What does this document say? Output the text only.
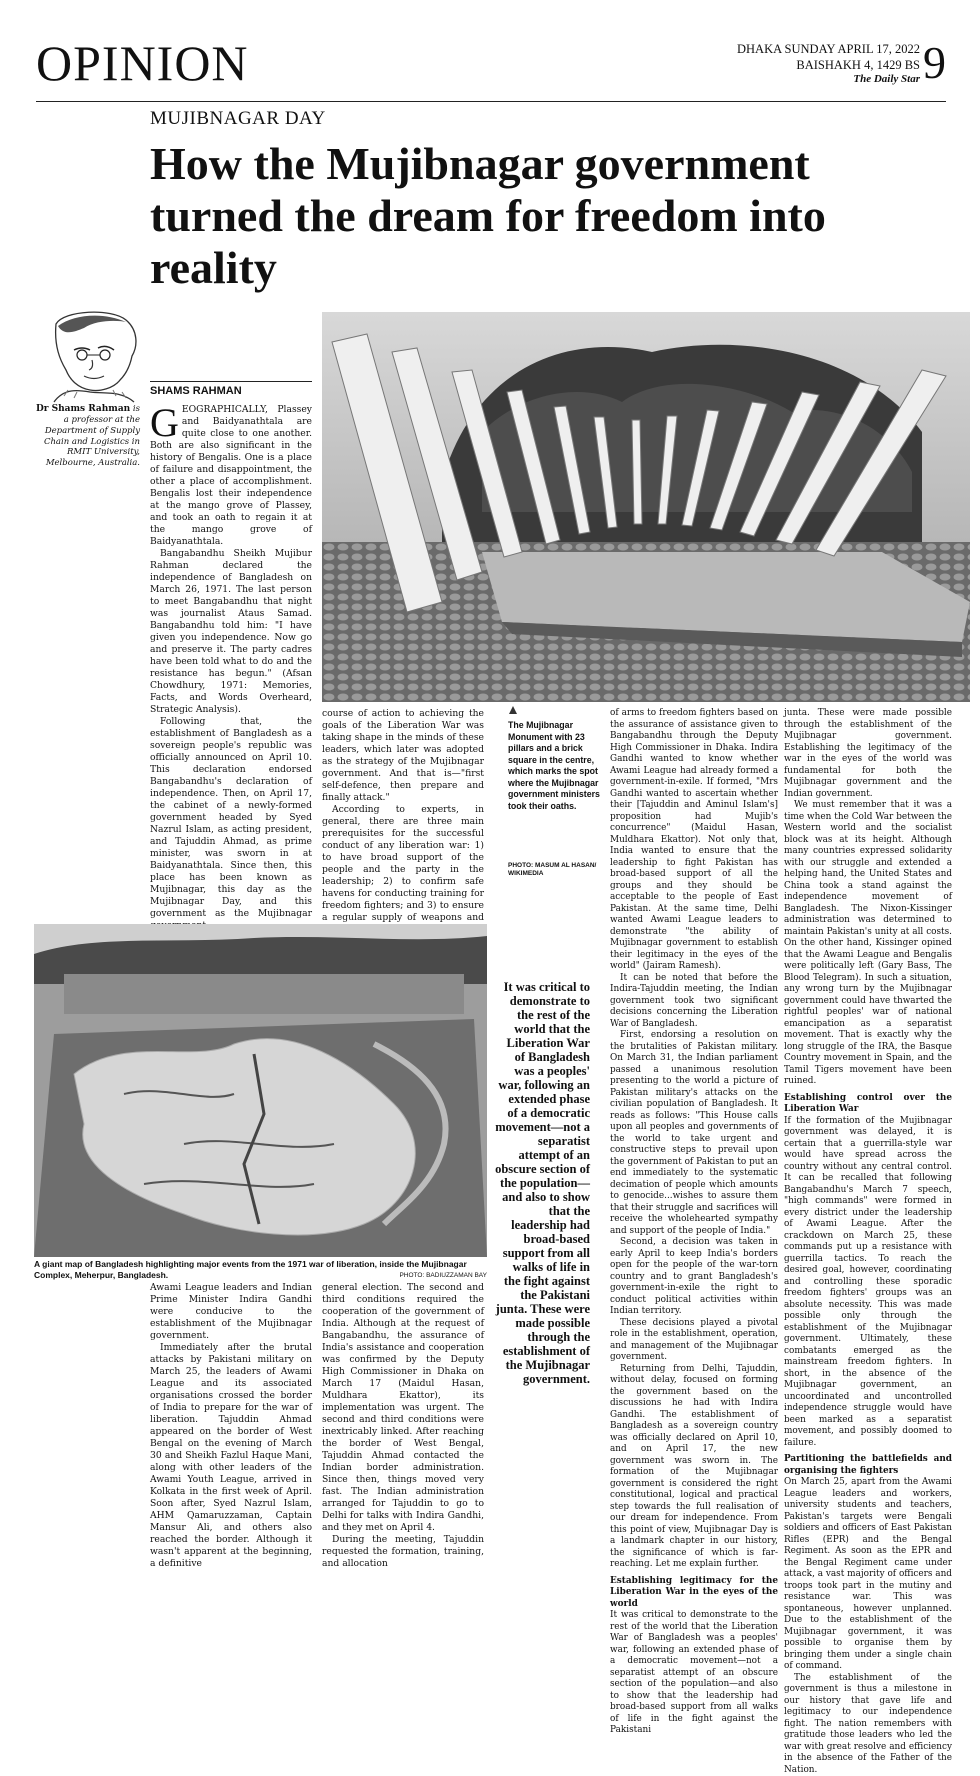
OPINION	DHAKA SUNDAY APRIL 17, 2022
BAISHAKH 4, 1429 BS
The Daily Star 9
MUJIBNAGAR DAY
How the Mujibnagar government turned the dream for freedom into reality
SHAMS RAHMAN
Dr Shams Rahman is a professor at the Department of Supply Chain and Logistics in RMIT University, Melbourne, Australia.

GEOGRAPHICALLY, Plassey and Baidyanathtala are quite close to one another. Both are also significant in the history of Bengalis. One is a place of failure and disappointment, the other a place of accomplishment. Bengalis lost their independence at the mango grove of Plassey, and took an oath to regain it at the mango grove of Baidyanathtala.

Bangabandhu Sheikh Mujibur Rahman declared the independence of Bangladesh on March 26, 1971. The last person to meet Bangabandhu that night was journalist Ataus Samad. Bangabandhu told him: "I have given you independence. Now go and preserve it. The party cadres have been told what to do and the resistance has begun." (Afsan Chowdhury, 1971: Memories, Facts, and Words Overheard, Strategic Analysis).

Following that, the establishment of Bangladesh as a sovereign people's republic was officially announced on April 10. This declaration endorsed Bangabandhu's declaration of independence. Then, on April 17, the cabinet of a newly-formed government headed by Syed Nazrul Islam, as acting president, and Tajuddin Ahmad, as prime minister, was sworn in at Baidyanathtala. Since then, this place has been known as Mujibnagar, this day as the Mujibnagar Day, and this government as the Mujibnagar

The Mujibnagar Monument with 23 pillars and a brick square in the centre, which marks the spot where the Mujibnagar government ministers took their oaths.
PHOTO: MASUM AL HASAN/ WIKIMEDIA

course of action to achieving the goals of the Liberation War was taking shape in the minds of these leaders, which later was adopted as the strategy of the Mujibnagar government. And that is—"first self-defence, then prepare and finally attack."

According to experts, in general, there are three main prerequisites for the successful conduct of any liberation war: 1) to have broad support of the people and the party in the leadership; 2) to confirm safe havens for conducting training for freedom fighters; and 3) to ensure a regular supply of weapons and

A giant map of Bangladesh highlighting major events from the 1971 war of liberation, inside the Mujibnagar Complex, Meherpur, Bangladesh.	PHOTO: BADIUZZAMAN BAY
It was critical to demonstrate to the rest of the world that the Liberation War of Bangladesh was a peoples' war, following an extended phase of a democratic movement—not a separatist attempt of an obscure section of the population—and also to show that the leadership had broad-based support from all walks of life in the fight against the Pakistani junta. These were made possible through the establishment of the Mujibnagar government.

Awami League leaders and Indian Prime Minister Indira Gandhi were conducive to the establishment of the Mujibnagar government.

Immediately after the brutal attacks by Pakistani military on March 25, the leaders of Awami League and its associated organisations crossed the border of India to prepare for the war of liberation. Tajuddin Ahmad appeared on the border of West Bengal on the evening of March 30 and Sheikh Fazlul Haque Mani, along with other leaders of the Awami Youth League, arrived in Kolkata in the first week of April. Soon after, Syed Nazrul Islam, AHM Qamaruzzaman, Captain Mansur Ali, and others also reached the border. Although it wasn't apparent at the beginning, a definitive

general election. The second and third conditions required the cooperation of the government of India. Although at the request of Bangabandhu, the assurance of India's assistance and cooperation was confirmed by the Deputy High Commissioner in Dhaka on March 17 (Maidul Hasan, Muldhara Ekattor), its implementation was urgent. The second and third conditions were inextricably linked. After reaching the border of West Bengal, Tajuddin Ahmad contacted the Indian border administration. Since then, things moved very fast. The Indian administration arranged for Tajuddin to go to Delhi for talks with Indira Gandhi, and they met on April 4.

During the meeting, Tajuddin requested the formation, training, and allocation

of arms to freedom fighters based on the assurance of assistance given to Bangabandhu through the Deputy High Commissioner in Dhaka. Indira Gandhi wanted to know whether Awami League had already formed a government-in-exile. If formed, "Mrs Gandhi wanted to ascertain whether their [Tajuddin and Aminul Islam's] proposition had Mujib's concurrence" (Maidul Hasan, Muldhara Ekattor). Not only that, India wanted to ensure that the leadership to fight Pakistan has broad-based support of all the groups and they should be acceptable to the people of East Pakistan. At the same time, Delhi wanted Awami League leaders to demonstrate "the ability of Mujibnagar government to establish their legitimacy in the eyes of the world" (Jairam Ramesh).

It can be noted that before the Indira-Tajuddin meeting, the Indian government took two significant decisions concerning the Liberation War of Bangladesh.

First, endorsing a resolution on the brutalities of Pakistan military. On March 31, the Indian parliament passed a unanimous resolution presenting to the world a picture of Pakistan military's attacks on the civilian population of Bangladesh. It reads as follows: "This House calls upon all peoples and governments of the world to take urgent and constructive steps to prevail upon the government of Pakistan to put an end immediately to the systematic decimation of people which amounts to genocide...wishes to assure them that their struggle and sacrifices will receive the wholehearted sympathy and support of the people of India."

Second, a decision was taken in early April to keep India's borders open for the people of the war-torn country and to grant Bangladesh's government-in-exile the right to conduct political activities within Indian territory.

These decisions played a pivotal role in the establishment, operation, and management of the Mujibnagar government.

Returning from Delhi, Tajuddin, without delay, focused on forming the government based on the discussions he had with Indira Gandhi. The establishment of Bangladesh as a sovereign country was officially declared on April 10, and on April 17, the new government was sworn in. The formation of the Mujibnagar government is considered the right constitutional, logical and practical step towards the full realisation of our dream for independence. From this point of view, Mujibnagar Day is a landmark chapter in our history, the significance of which is far-reaching. Let me explain further.

Establishing legitimacy for the Liberation War in the eyes of the world

It was critical to demonstrate to the rest of the world that the Liberation War of Bangladesh was a peoples' war, following an extended phase of a democratic movement—not a separatist attempt of an obscure section of the population—and also to show that the leadership had broad-based support from all walks of life in the fight against the Pakistani

junta. These were made possible through the establishment of the Mujibnagar government. Establishing the legitimacy of the war in the eyes of the world was fundamental for both the Mujibnagar government and the Indian government.

We must remember that it was a time when the Cold War between the Western world and the socialist block was at its height. Although many countries expressed solidarity with our struggle and extended a helping hand, the United States and China took a stand against the independence movement of Bangladesh. The Nixon-Kissinger administration was determined to maintain Pakistan's unity at all costs. On the other hand, Kissinger opined that the Awami League and Bengalis were politically left (Gary Bass, The Blood Telegram). In such a situation, any wrong turn by the Mujibnagar government could have thwarted the rightful peoples' war of national emancipation as a separatist movement. That is exactly why the long struggle of the IRA, the Basque Country movement in Spain, and the Tamil Tigers movement have been ruined.

Establishing control over the Liberation War

If the formation of the Mujibnagar government was delayed, it is certain that a guerrilla-style war would have spread across the country without any central control. It can be recalled that following Bangabandhu's March 7 speech, "high commands" were formed in every district under the leadership of Awami League. After the crackdown on March 25, these commands put up a resistance with guerrilla tactics. To reach the desired goal, however, coordinating and controlling these sporadic freedom fighters' groups was an absolute necessity. This was made possible only through the establishment of the Mujibnagar government. Ultimately, these combatants emerged as the mainstream freedom fighters. In short, in the absence of the Mujibnagar government, an uncoordinated and uncontrolled independence struggle would have been marked as a separatist movement, and possibly doomed to failure.

Partitioning the battlefields and organising the fighters

On March 25, apart from the Awami League leaders and workers, university students and teachers, Pakistan's targets were Bengali soldiers and officers of East Pakistan Rifles (EPR) and the Bengal Regiment. As soon as the EPR and the Bengal Regiment came under attack, a vast majority of officers and troops took part in the mutiny and resistance war. This was spontaneous, however unplanned. Due to the establishment of the Mujibnagar government, it was possible to organise them by bringing them under a single chain of command.

The establishment of the government is thus a milestone in our history that gave life and legitimacy to our independence fight. The nation remembers with gratitude those leaders who led the war with great resolve and efficiency in the absence of the Father of the Nation.
